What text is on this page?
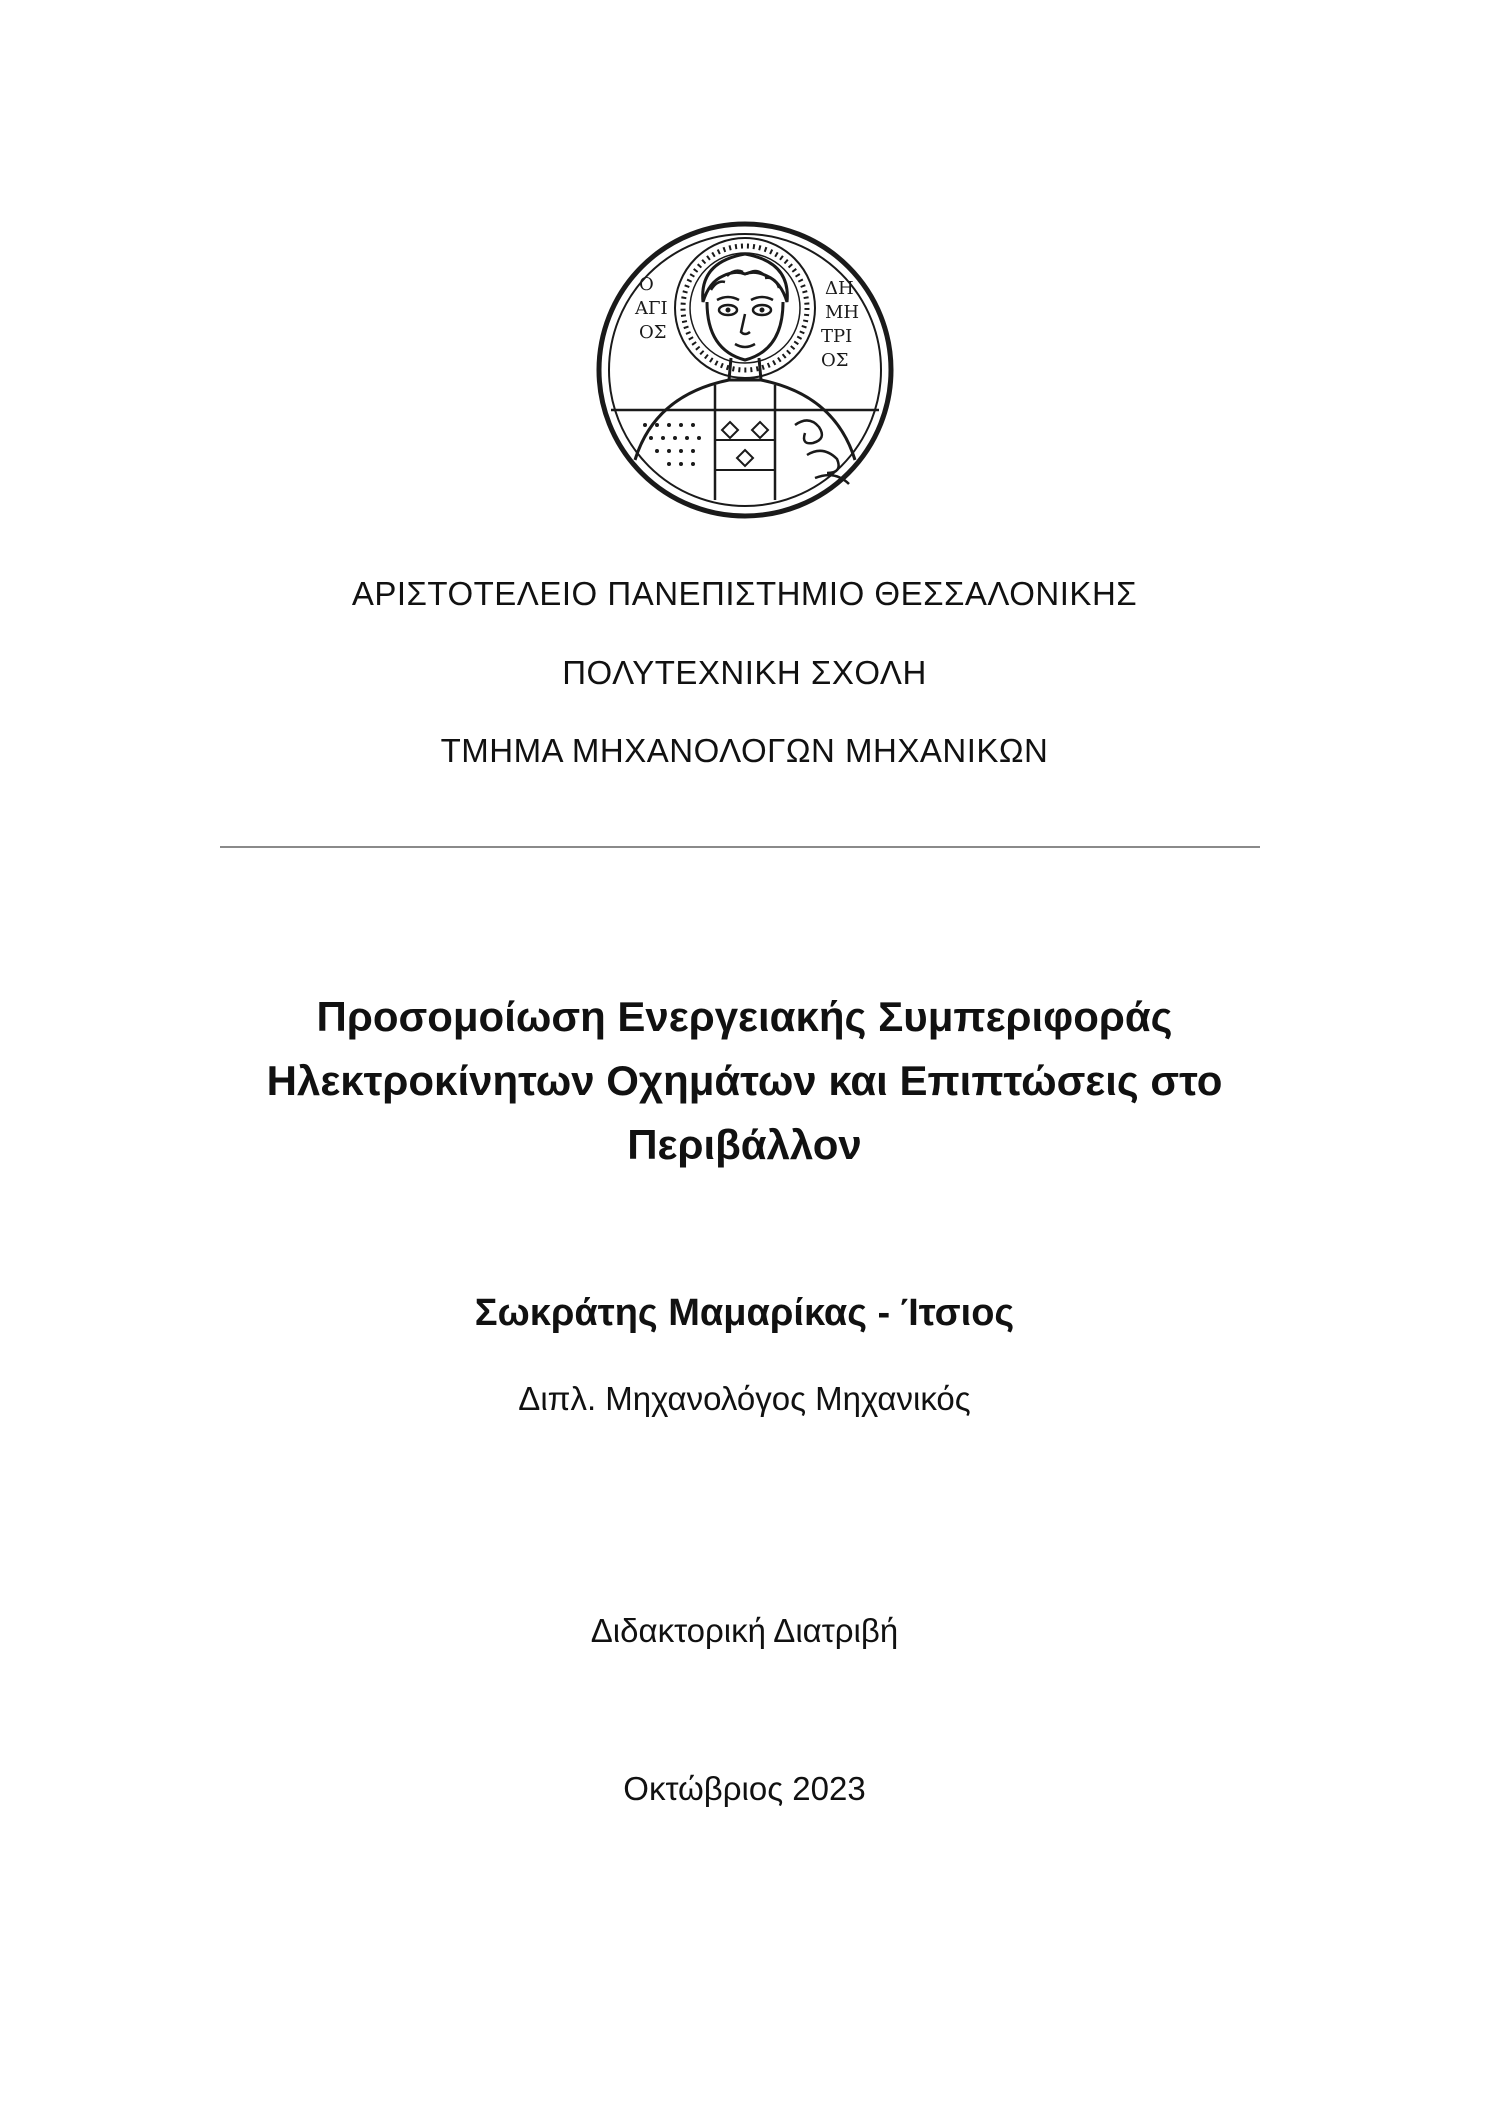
Ο
ΑΓΙ
ΟΣ
ΔΗ
ΜΗ
ΤΡΙ
ΟΣ
ΑΡΙΣΤΟΤΕΛΕΙΟ ΠΑΝΕΠΙΣΤΗΜΙΟ ΘΕΣΣΑΛΟΝΙΚΗΣ
ΠΟΛΥΤΕΧΝΙΚΗ ΣΧΟΛΗ
ΤΜΗΜΑ ΜΗΧΑΝΟΛΟΓΩΝ ΜΗΧΑΝΙΚΩΝ
Προσομοίωση Ενεργειακής Συμπεριφοράς
Ηλεκτροκίνητων Οχημάτων και Επιπτώσεις στο
Περιβάλλον
Σωκράτης Μαμαρίκας - Ίτσιος
Διπλ. Μηχανολόγος Μηχανικός
Διδακτορική Διατριβή
Οκτώβριος 2023
